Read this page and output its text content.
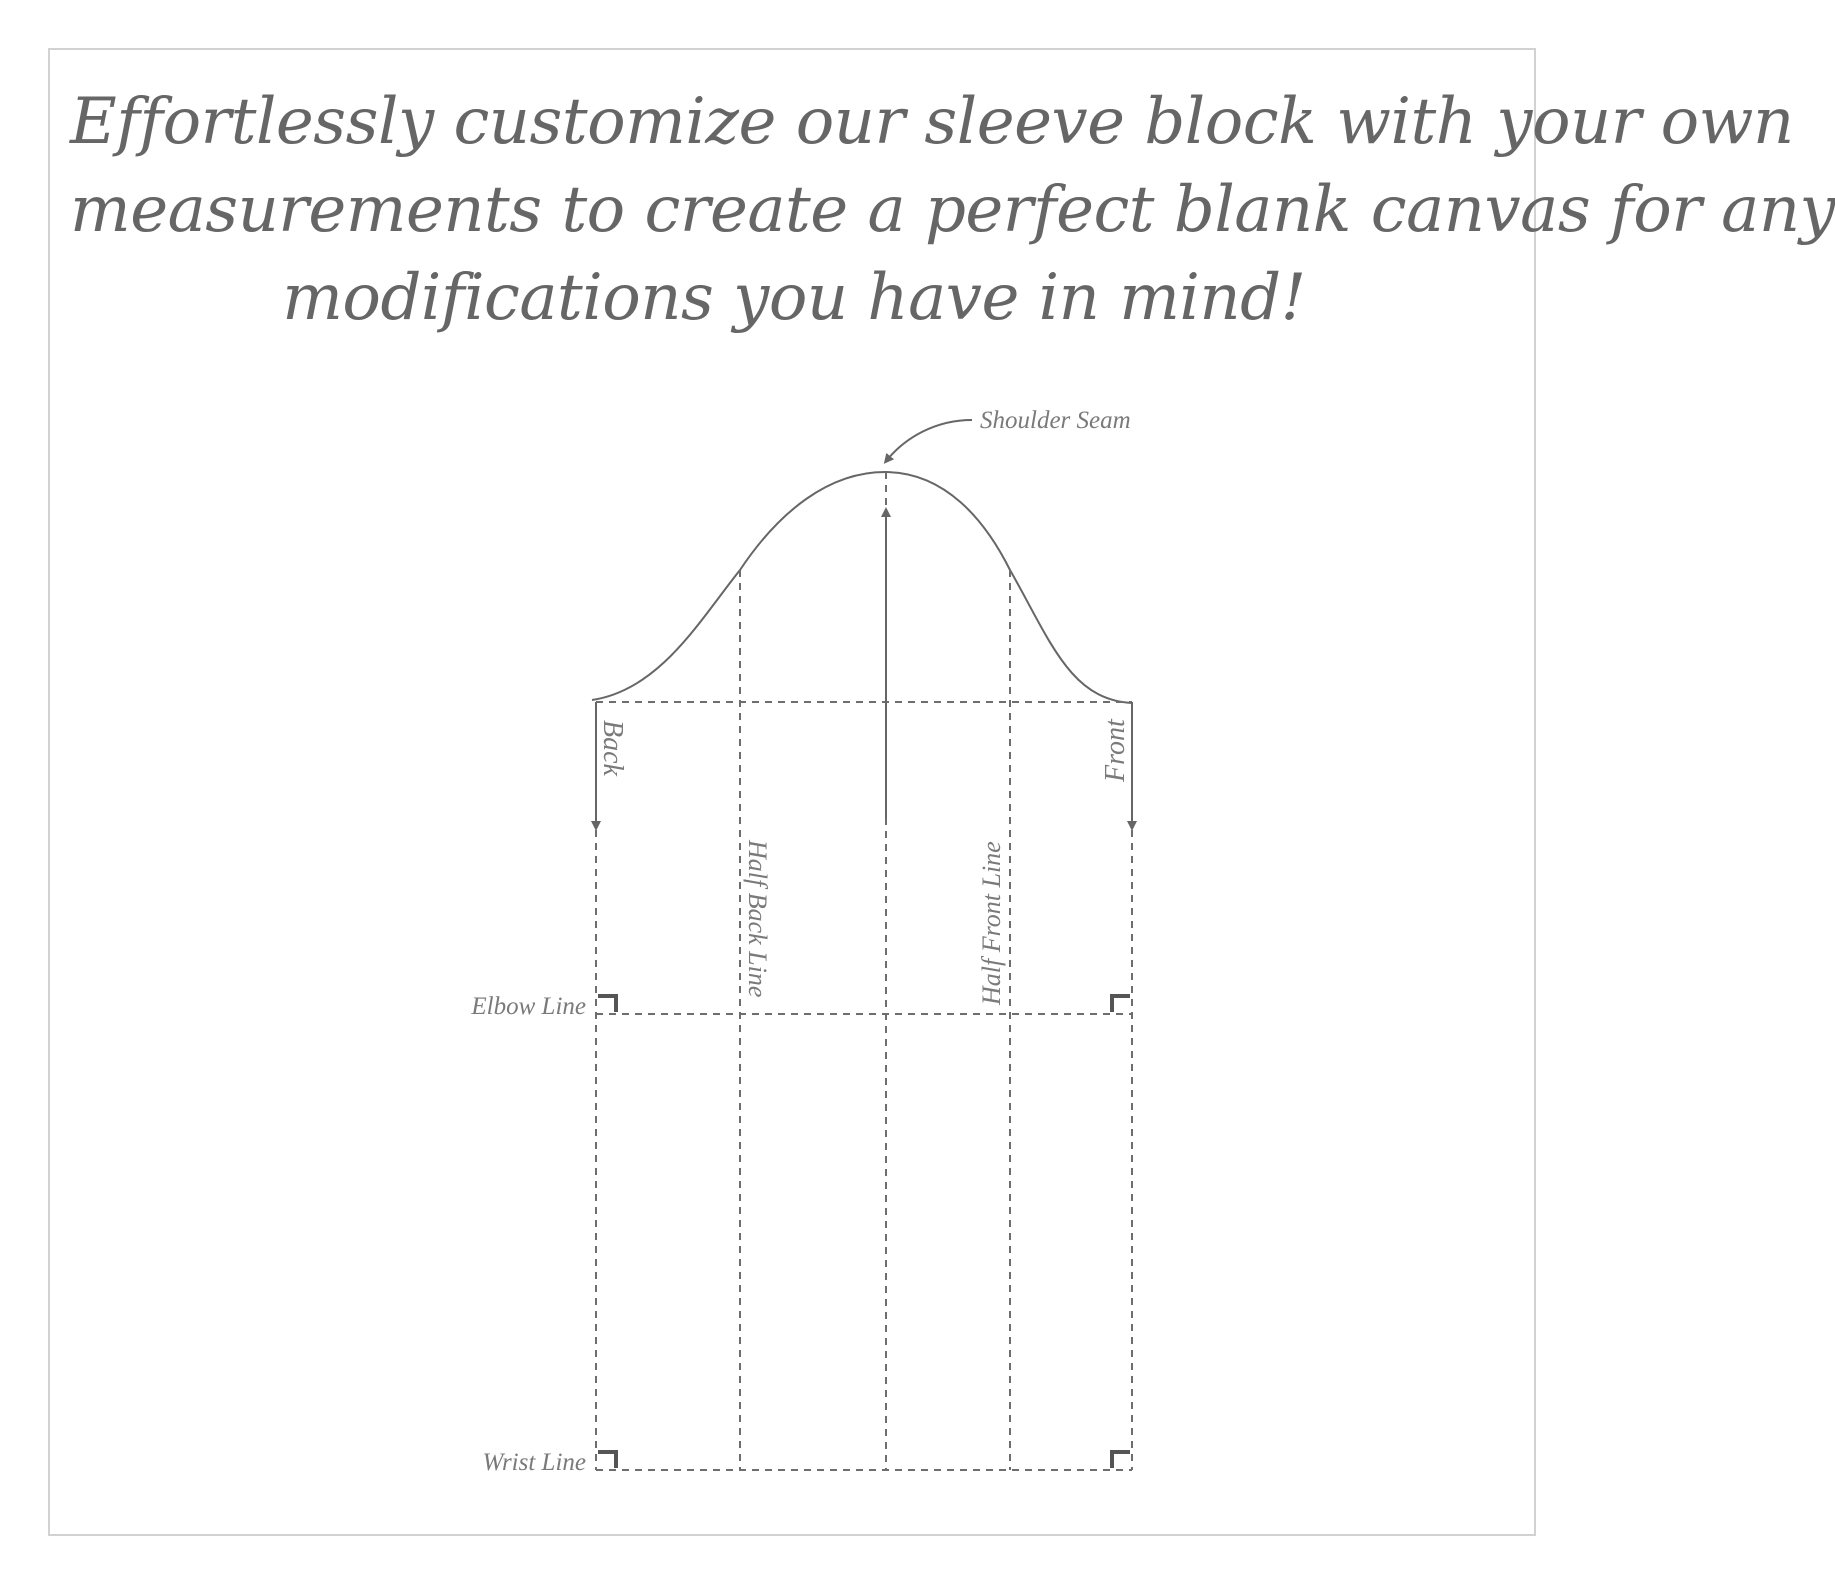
Effortlessly customize our sleeve block with your own
measurements to create a perfect blank canvas for any
modifications you have in mind!
Shoulder Seam
Back	Front
Half Back Line	Half Front Line
Elbow Line
Wrist Line
